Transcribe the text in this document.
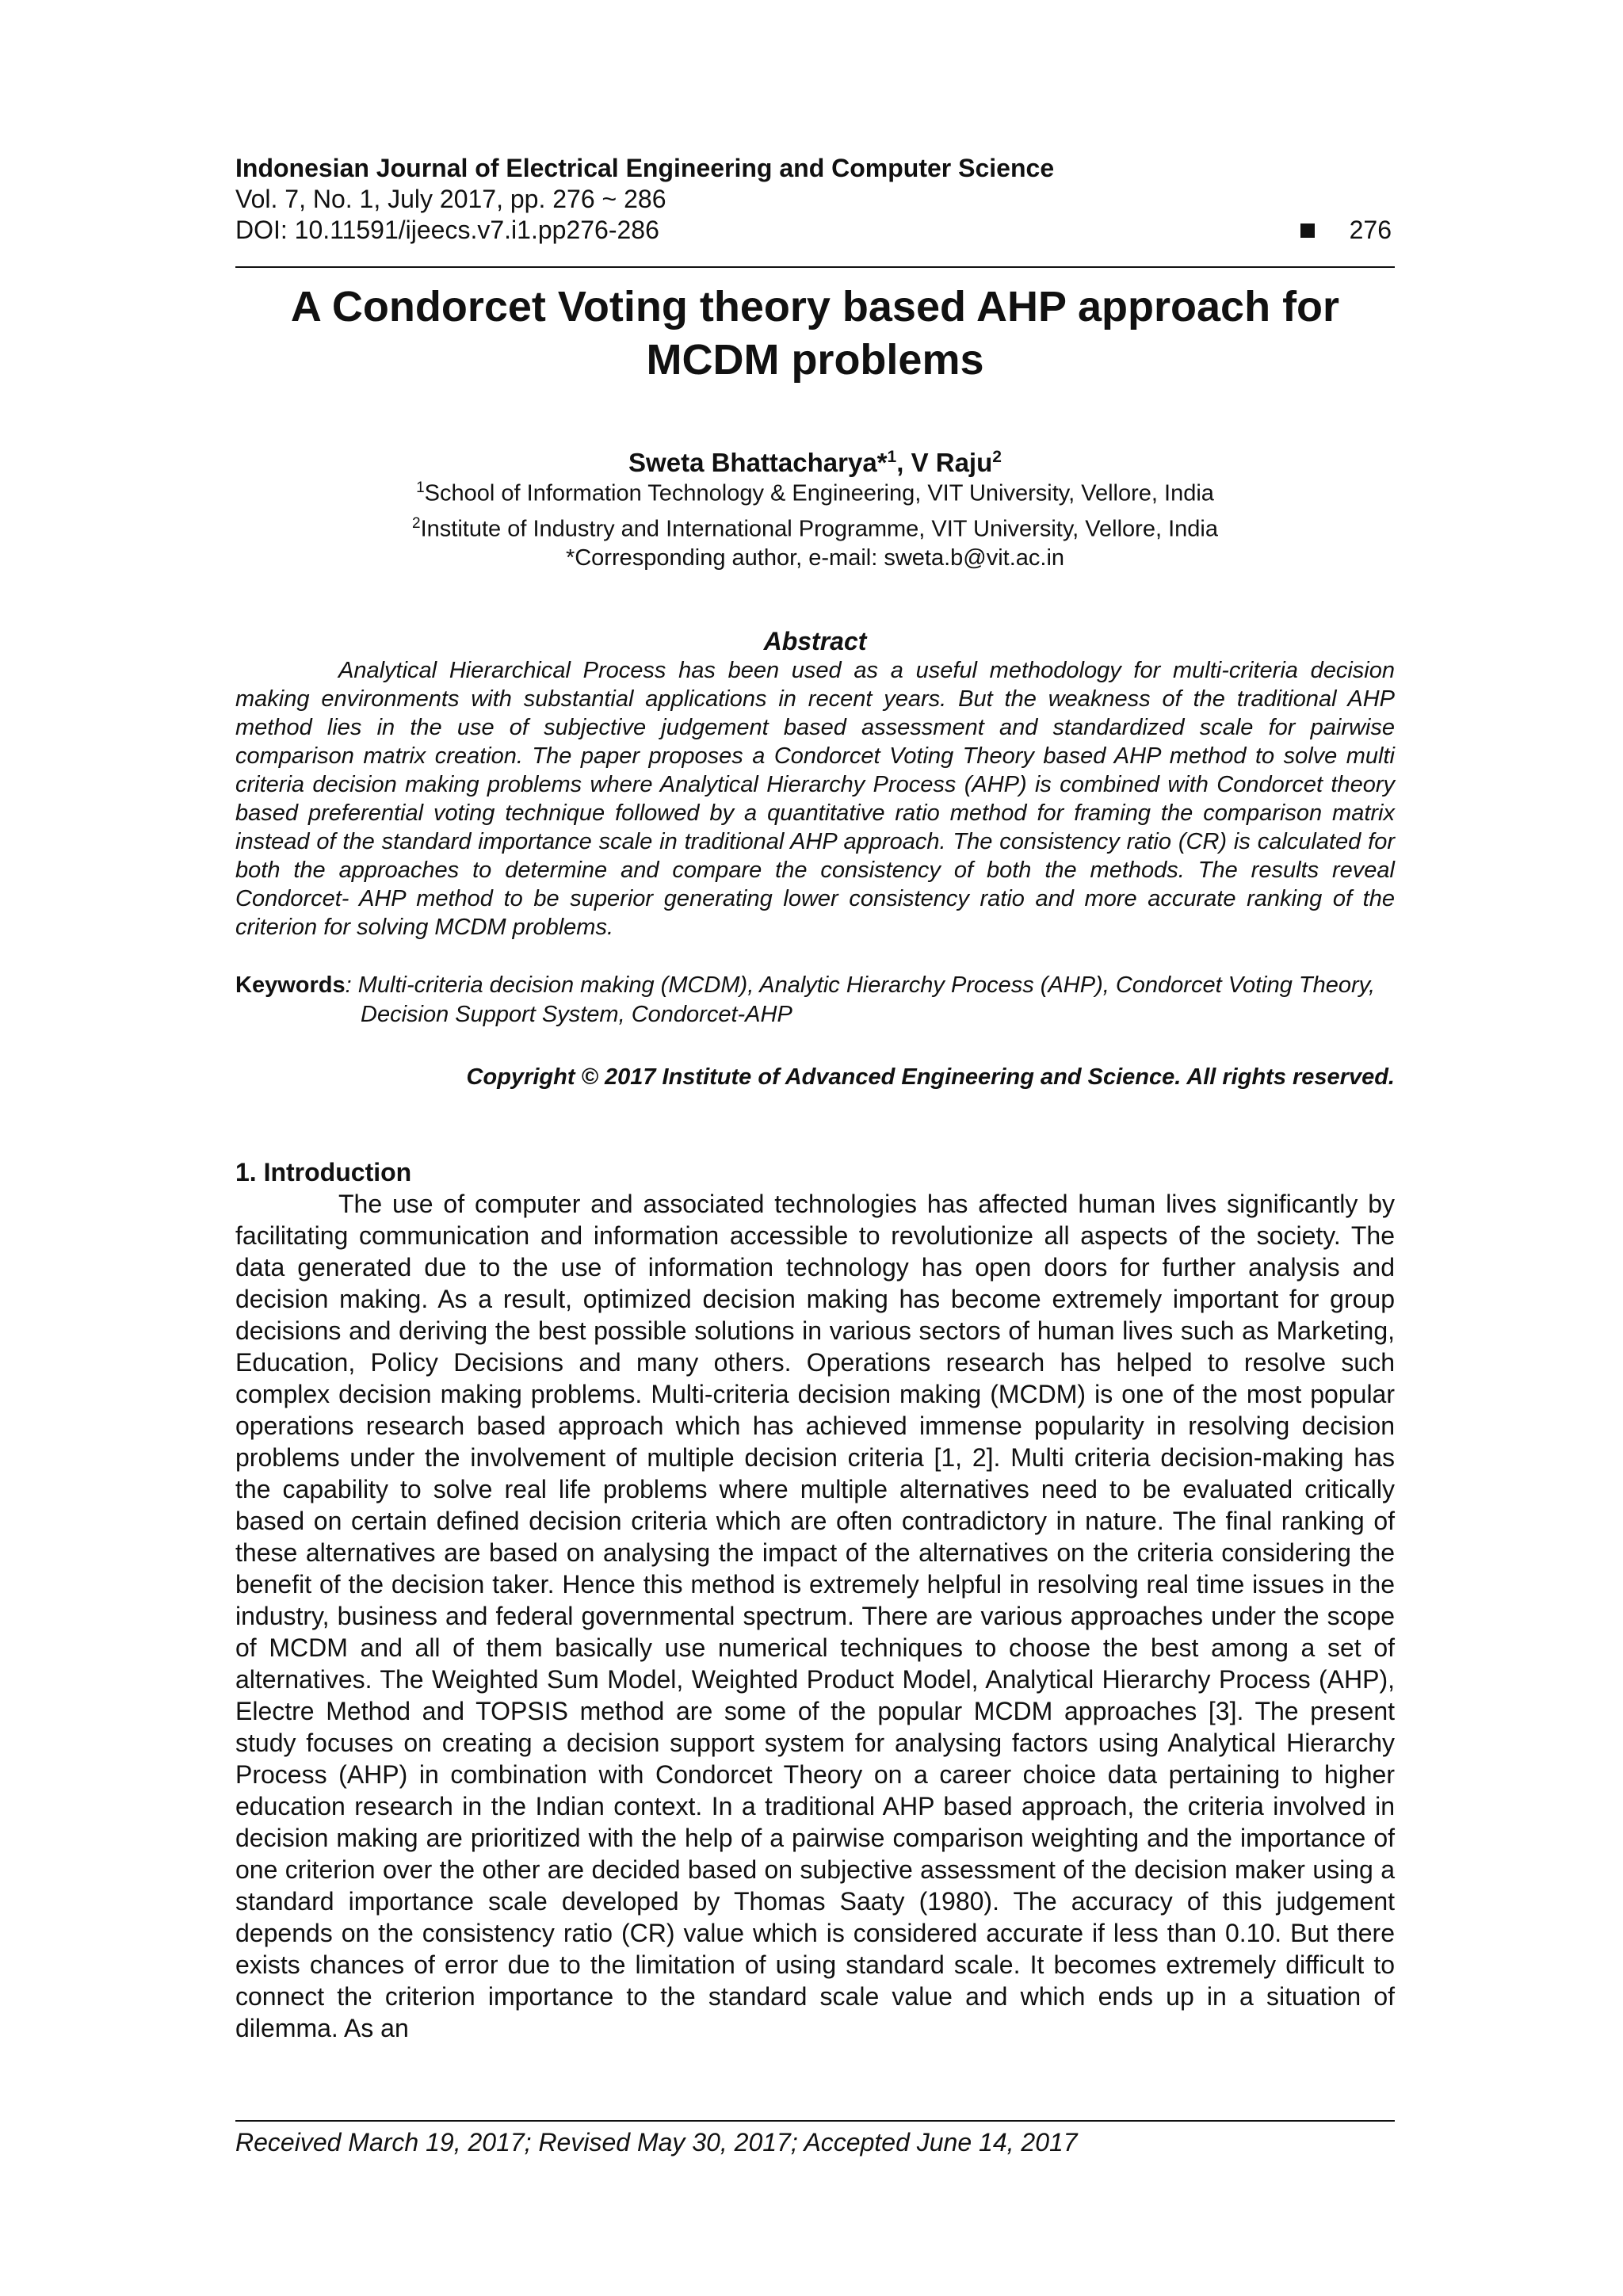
Indonesian Journal of Electrical Engineering and Computer Science
Vol. 7, No. 1, July 2017, pp. 276 ~ 286
DOI: 10.11591/ijeecs.v7.i1.pp276-286	276
A Condorcet Voting theory based AHP approach for
MCDM problems
Sweta Bhattacharya*$^1$, V Raju$^2$
$^1$School of Information Technology & Engineering, VIT University, Vellore, India
$^2$Institute of Industry and International Programme, VIT University, Vellore, India
*Corresponding author, e-mail: sweta.b@vit.ac.in
Abstract

Analytical Hierarchical Process has been used as a useful methodology for multi-criteria decision making environments with substantial applications in recent years. But the weakness of the traditional AHP method lies in the use of subjective judgement based assessment and standardized scale for pairwise comparison matrix creation. The paper proposes a Condorcet Voting Theory based AHP method to solve multi criteria decision making problems where Analytical Hierarchy Process (AHP) is combined with Condorcet theory based preferential voting technique followed by a quantitative ratio method for framing the comparison matrix instead of the standard importance scale in traditional AHP approach. The consistency ratio (CR) is calculated for both the approaches to determine and compare the consistency of both the methods. The results reveal Condorcet- AHP method to be superior generating lower consistency ratio and more accurate ranking of the criterion for solving MCDM problems.

Keywords: Multi-criteria decision making (MCDM), Analytic Hierarchy Process (AHP), Condorcet Voting Theory, Decision Support System, Condorcet-AHP

Copyright © 2017 Institute of Advanced Engineering and Science. All rights reserved.
1. Introduction

The use of computer and associated technologies has affected human lives significantly by facilitating communication and information accessible to revolutionize all aspects of the society. The data generated due to the use of information technology has open doors for further analysis and decision making. As a result, optimized decision making has become extremely important for group decisions and deriving the best possible solutions in various sectors of human lives such as Marketing, Education, Policy Decisions and many others. Operations research has helped to resolve such complex decision making problems. Multi-criteria decision making (MCDM) is one of the most popular operations research based approach which has achieved immense popularity in resolving decision problems under the involvement of multiple decision criteria [1, 2]. Multi criteria decision-making has the capability to solve real life problems where multiple alternatives need to be evaluated critically based on certain defined decision criteria which are often contradictory in nature. The final ranking of these alternatives are based on analysing the impact of the alternatives on the criteria considering the benefit of the decision taker. Hence this method is extremely helpful in resolving real time issues in the industry, business and federal governmental spectrum. There are various approaches under the scope of MCDM and all of them basically use numerical techniques to choose the best among a set of alternatives. The Weighted Sum Model, Weighted Product Model, Analytical Hierarchy Process (AHP), Electre Method and TOPSIS method are some of the popular MCDM approaches [3]. The present study focuses on creating a decision support system for analysing factors using Analytical Hierarchy Process (AHP) in combination with Condorcet Theory on a career choice data pertaining to higher education research in the Indian context. In a traditional AHP based approach, the criteria involved in decision making are prioritized with the help of a pairwise comparison weighting and the importance of one criterion over the other are decided based on subjective assessment of the decision maker using a standard importance scale developed by Thomas Saaty (1980). The accuracy of this judgement depends on the consistency ratio (CR) value which is considered accurate if less than 0.10. But there exists chances of error due to the limitation of using standard scale. It becomes extremely difficult to connect the criterion importance to the standard scale value and which ends up in a situation of dilemma. As an

Received March 19, 2017; Revised May 30, 2017; Accepted June 14, 2017
